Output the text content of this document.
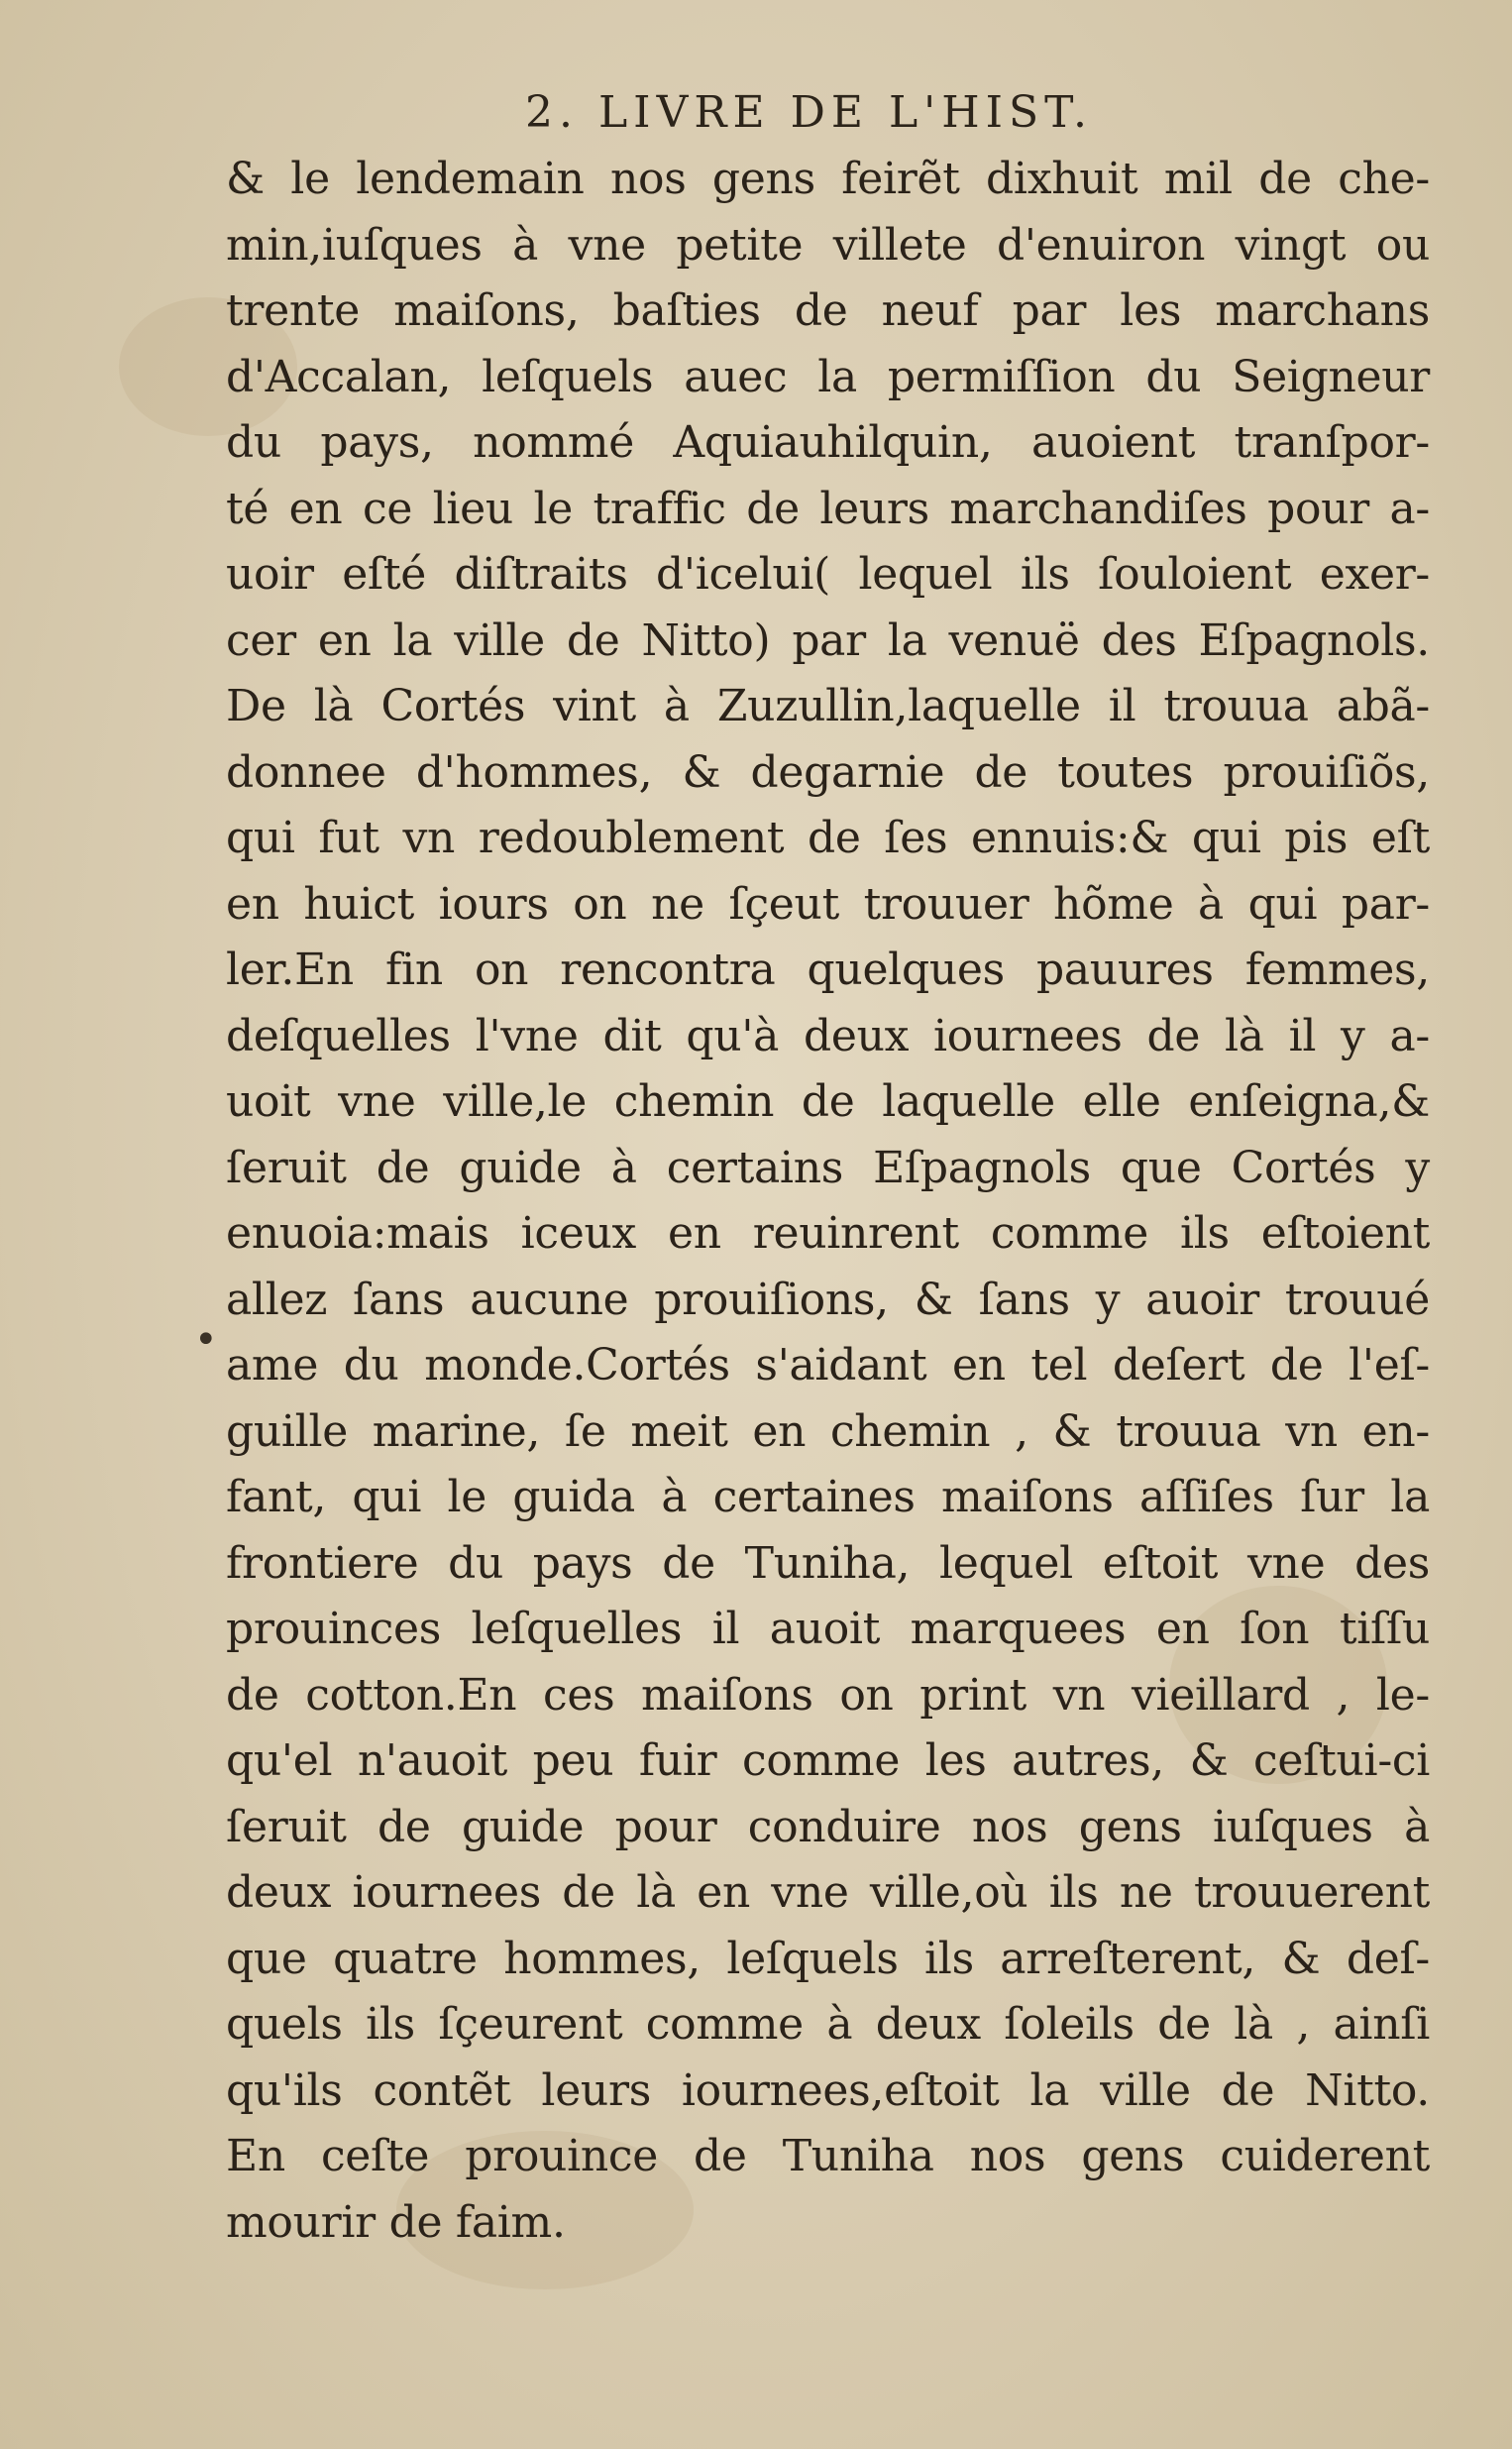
2. LIVRE DE L'HIST.
•
& le lendemain nos gens feirẽt dixhuit mil de che-
min,iuſques à vne petite villete d'enuiron vingt ou
trente maiſons, baſties de neuf par les marchans
d'Accalan, leſquels auec la permiſſion du Seigneur
du pays, nommé Aquiauhilquin, auoient tranſpor-
té en ce lieu le traffic de leurs marchandiſes pour a-
uoir eſté diſtraits d'icelui( lequel ils ſouloient exer-
cer en la ville de Nitto) par la venuë des Eſpagnols.
De là Cortés vint à Zuzullin,laquelle il trouua abã-
donnee d'hommes, & degarnie de toutes prouiſiõs,
qui fut vn redoublement de ſes ennuis:& qui pis eſt
en huict iours on ne ſçeut trouuer hõme à qui par-
ler.En fin on rencontra quelques pauures femmes,
deſquelles l'vne dit qu'à deux iournees de là il y a-
uoit vne ville,le chemin de laquelle elle enſeigna,&
ſeruit de guide à certains Eſpagnols que Cortés y
enuoia:mais iceux en reuinrent comme ils eſtoient
allez ſans aucune prouiſions, & ſans y auoir trouué
ame du monde.Cortés s'aidant en tel deſert de l'eſ-
guille marine, ſe meit en chemin , & trouua vn en-
fant, qui le guida à certaines maiſons aſſiſes ſur la
frontiere du pays de Tuniha, lequel eſtoit vne des
prouinces leſquelles il auoit marquees en ſon tiſſu
de cotton.En ces maiſons on print vn vieillard , le-
qu'el n'auoit peu fuir comme les autres, & ceſtui-ci
ſeruit de guide pour conduire nos gens iuſques à
deux iournees de là en vne ville,où ils ne trouuerent
que quatre hommes, leſquels ils arreſterent, & deſ-
quels ils ſçeurent comme à deux ſoleils de là , ainſi
qu'ils contẽt leurs iournees,eſtoit la ville de Nitto.
En ceſte prouince de Tuniha nos gens cuiderent
mourir de faim.
